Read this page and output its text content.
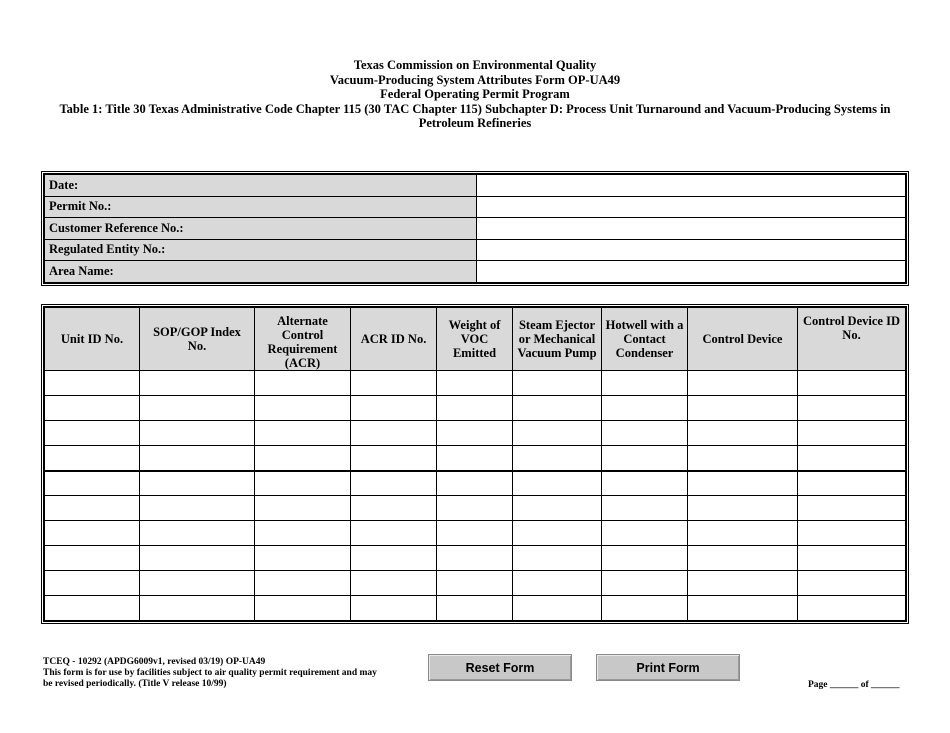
Texas Commission on Environmental Quality
Vacuum-Producing System Attributes Form OP-UA49
Federal Operating Permit Program
Table 1: Title 30 Texas Administrative Code Chapter 115 (30 TAC Chapter 115) Subchapter D: Process Unit Turnaround and Vacuum-Producing Systems in Petroleum Refineries
Date:	
Permit No.:	
Customer Reference No.:	
Regulated Entity No.:	
Area Name:	
Unit ID No.	SOP/GOP Index No.	Alternate Control Requirement (ACR)	ACR ID No.	Weight of VOC Emitted	Steam Ejector or Mechanical Vacuum Pump	Hotwell with a Contact Condenser	Control Device	Control Device ID No.

TCEQ - 10292 (APDG6009v1, revised 03/19) OP-UA49
This form is for use by facilities subject to air quality permit requirement and may be revised periodically. (Title V release 10/99)
Reset Form	Print Form
Page ______ of ______
